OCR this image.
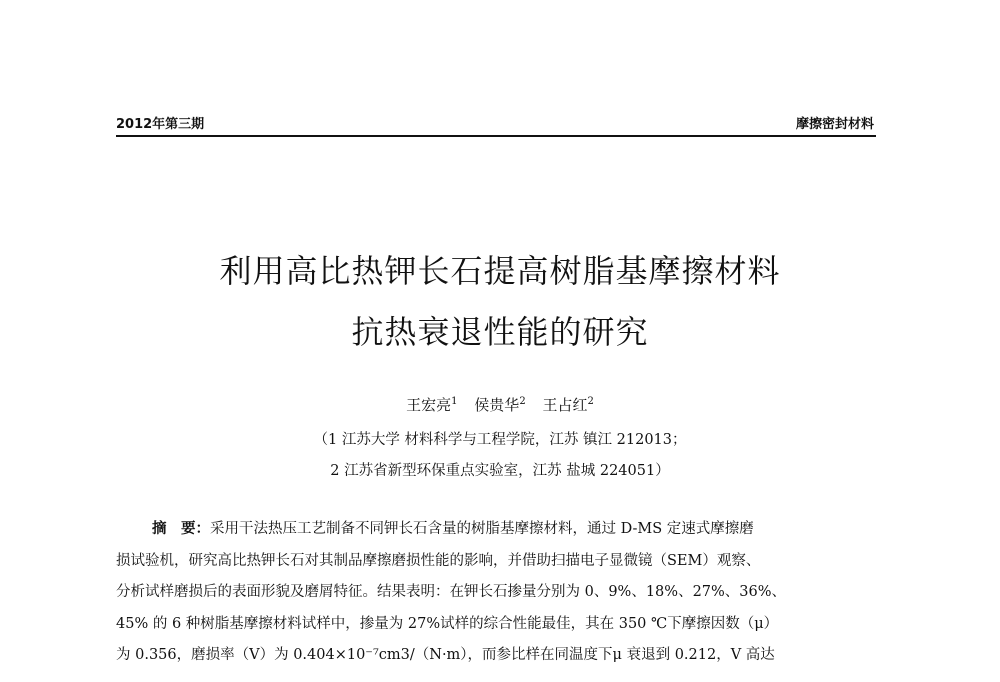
2012年第三期	摩擦密封材料
利用高比热钾长石提高树脂基摩擦材料
抗热衰退性能的研究
王宏亮$^1$ 侯贵华$^2$ 王占红$^2$
（1 江苏大学 材料科学与工程学院，江苏 镇江 212013；
2 江苏省新型环保重点实验室，江苏 盐城 224051）
摘　要：采用干法热压工艺制备不同钾长石含量的树脂基摩擦材料，通过 D-MS 定速式摩擦磨
损试验机，研究高比热钾长石对其制品摩擦磨损性能的影响，并借助扫描电子显微镜（SEM）观察、
分析试样磨损后的表面形貌及磨屑特征。结果表明：在钾长石掺量分别为 0、9%、18%、27%、36%、
45% 的 6 种树脂基摩擦材料试样中，掺量为 27%试样的综合性能最佳，其在 350 ℃下摩擦因数（μ）
为 0.356，磨损率（V）为 0.404×10⁻⁷cm3/（N·m），而参比样在同温度下μ 衰退到 0.212，V 高达
